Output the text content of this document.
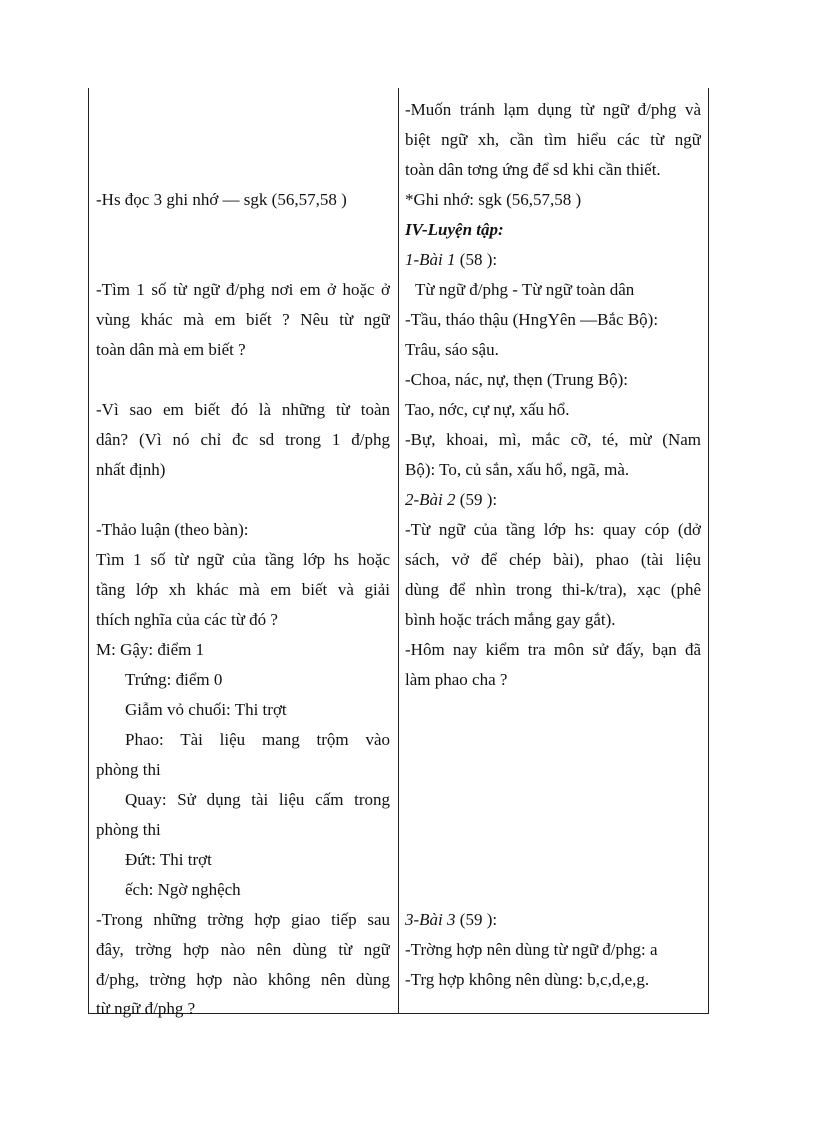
-Hs đọc 3 ghi nhớ — sgk (56,57,58 )
-Tìm 1 số từ ngữ đ/phg nơi em ở hoặc ở
vùng khác mà em biết ? Nêu từ ngữ
toàn dân mà em biết ?
-Vì sao em biết đó là những từ toàn
dân? (Vì nó chỉ đc sd trong 1 đ/phg
nhất định)
-Thảo luận (theo bàn):
Tìm 1 số từ ngữ của tầng lớp hs hoặc
tầng lớp xh khác mà em biết và giải
thích nghĩa của các từ đó ?
M: Gậy: điểm 1
Trứng: điểm 0
Giẫm vỏ chuối: Thi trợt
Phao: Tài liệu mang trộm vào
phòng thi
Quay: Sử dụng tài liệu cấm trong
phòng thi
Đứt: Thi trợt
ếch: Ngờ nghệch
-Trong những trờng hợp giao tiếp sau
đây, trờng hợp nào nên dùng từ ngữ
đ/phg, trờng hợp nào không nên dùng
từ ngữ đ/phg ?
-Muốn tránh lạm dụng từ ngữ đ/phg và
biệt ngữ xh, cần tìm hiểu các từ ngữ
toàn dân tơng ứng để sd khi cần thiết.
*Ghi nhớ: sgk (56,57,58 )
IV-Luyện tập:
1-Bài 1 (58 ):
Từ ngữ đ/phg - Từ ngữ toàn dân
-Tầu, tháo thậu (HngYên —Bắc Bộ):
Trâu, sáo sậu.
-Choa, nác, nự, thẹn (Trung Bộ):
Tao, nớc, cự nự, xấu hổ.
-Bự, khoai, mì, mắc cỡ, té, mừ (Nam
Bộ): To, củ sắn, xấu hổ, ngã, mà.
2-Bài 2 (59 ):
-Từ ngữ của tầng lớp hs: quay cóp (dở
sách, vở để chép bài), phao (tài liệu
dùng để nhìn trong thi-k/tra), xạc (phê
bình hoặc trách mắng gay gắt).
-Hôm nay kiểm tra môn sử đấy, bạn đã
làm phao cha ?
3-Bài 3 (59 ):
-Trờng hợp nên dùng từ ngữ đ/phg: a
-Trg hợp không nên dùng: b,c,d,e,g.
